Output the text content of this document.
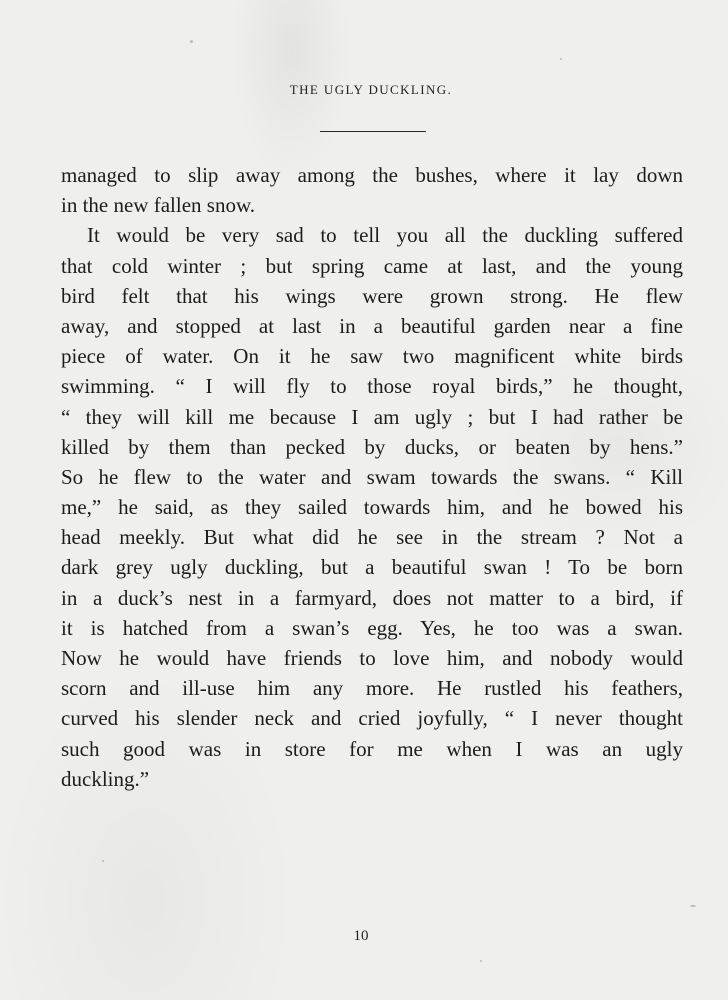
THE UGLY DUCKLING.
managed to slip away among the bushes, where it lay down
in the new fallen snow.
It would be very sad to tell you all the duckling suffered
that cold winter ; but spring came at last, and the young
bird felt that his wings were grown strong. He flew
away, and stopped at last in a beautiful garden near a fine
piece of water. On it he saw two magnificent white birds
swimming. “ I will fly to those royal birds,” he thought,
“ they will kill me because I am ugly ; but I had rather be
killed by them than pecked by ducks, or beaten by hens.”
So he flew to the water and swam towards the swans. “ Kill
me,” he said, as they sailed towards him, and he bowed his
head meekly. But what did he see in the stream ? Not a
dark grey ugly duckling, but a beautiful swan ! To be born
in a duck’s nest in a farmyard, does not matter to a bird, if
it is hatched from a swan’s egg. Yes, he too was a swan.
Now he would have friends to love him, and nobody would
scorn and ill-use him any more. He rustled his feathers,
curved his slender neck and cried joyfully, “ I never thought
such good was in store for me when I was an ugly
duckling.”
10
